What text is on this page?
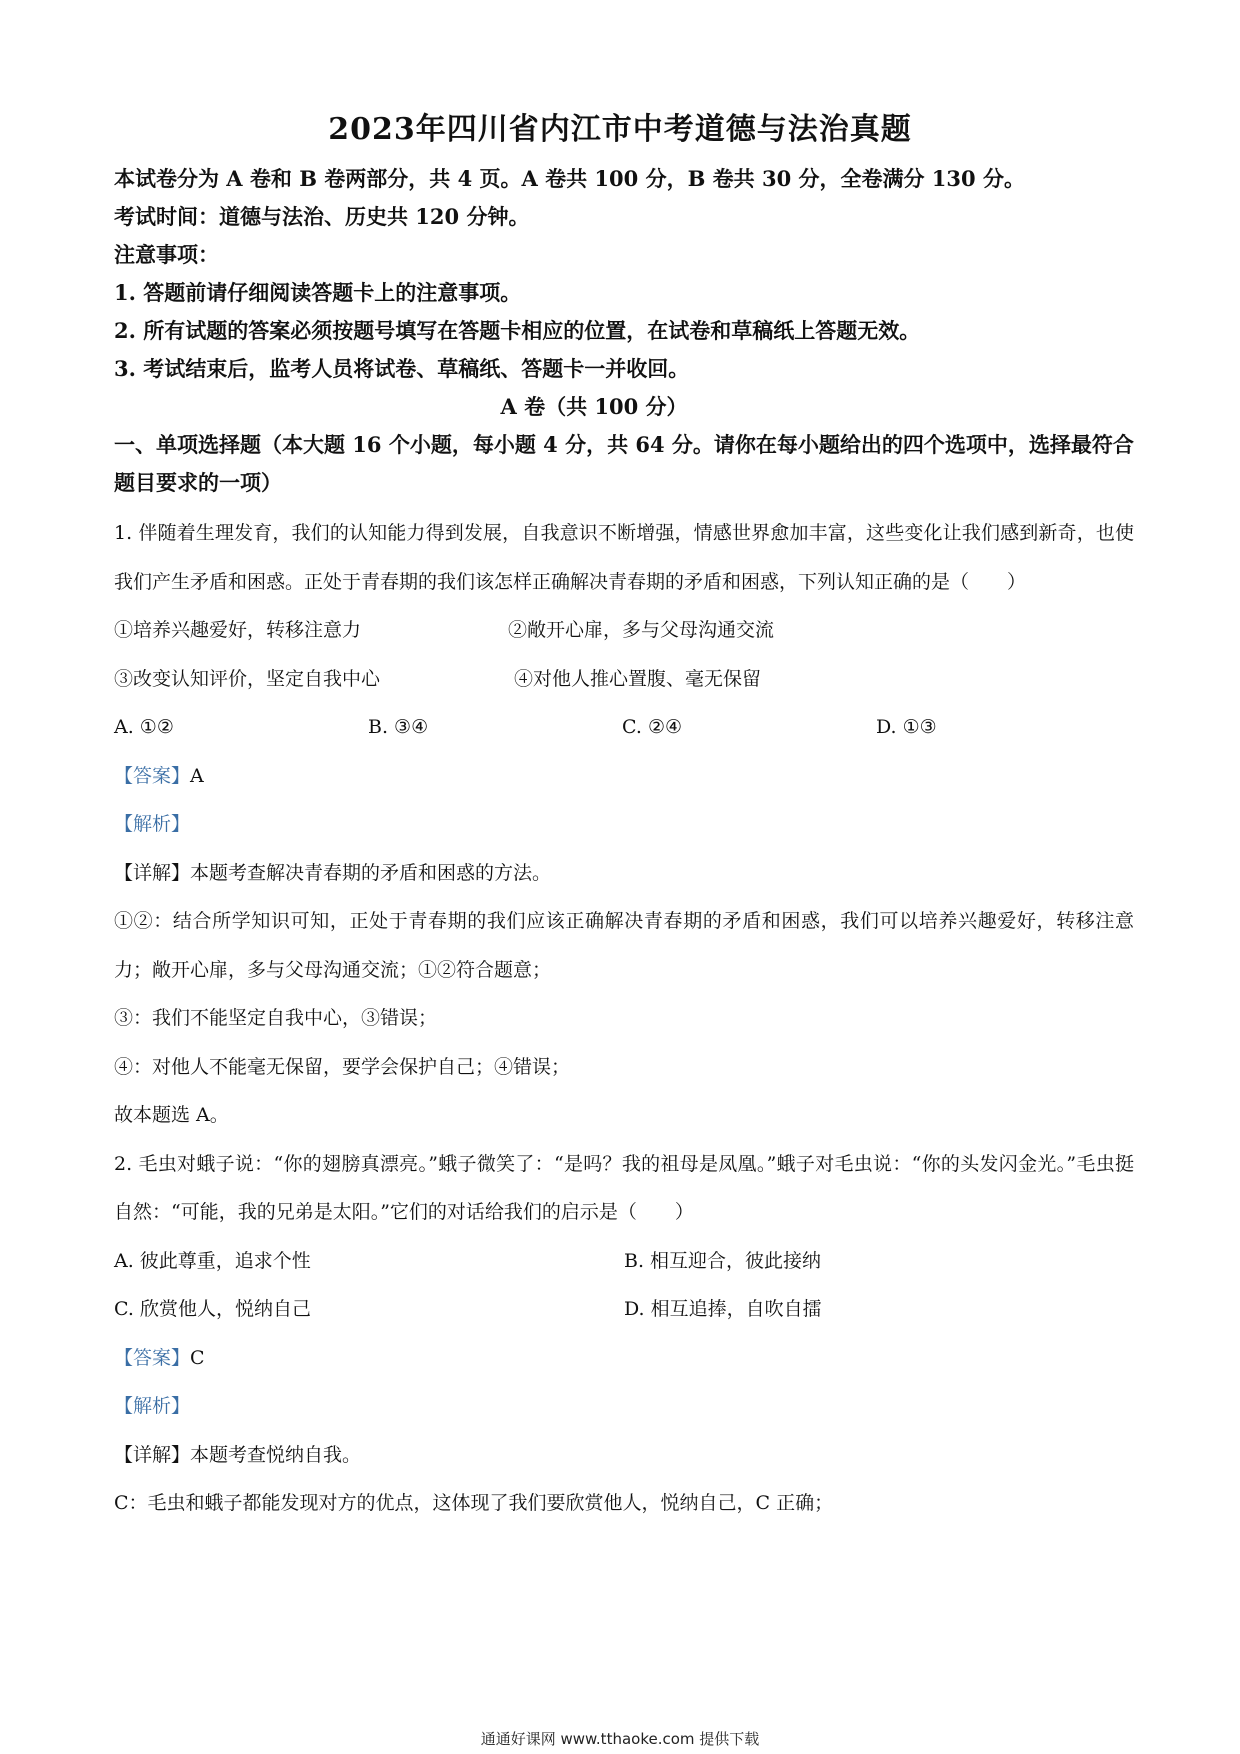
2023年四川省内江市中考道德与法治真题
本试卷分为 A 卷和 B 卷两部分，共 4 页。A 卷共 100 分，B 卷共 30 分，全卷满分 130 分。
考试时间：道德与法治、历史共 120 分钟。
注意事项：
1. 答题前请仔细阅读答题卡上的注意事项。
2. 所有试题的答案必须按题号填写在答题卡相应的位置，在试卷和草稿纸上答题无效。
3. 考试结束后，监考人员将试卷、草稿纸、答题卡一并收回。
A 卷（共 100 分）
一、单项选择题（本大题 16 个小题，每小题 4 分，共 64 分。请你在每小题给出的四个选项中，选择最符合题目要求的一项）
1. 伴随着生理发育，我们的认知能力得到发展，自我意识不断增强，情感世界愈加丰富，这些变化让我们感到新奇，也使我们产生矛盾和困惑。正处于青春期的我们该怎样正确解决青春期的矛盾和困惑，下列认知正确的是（　　）
①培养兴趣爱好，转移注意力	②敞开心扉，多与父母沟通交流
③改变认知评价，坚定自我中心	④对他人推心置腹、毫无保留
A. ①②	B. ③④	C. ②④	D. ①③
【答案】A
【解析】
【详解】本题考查解决青春期的矛盾和困惑的方法。
①②：结合所学知识可知，正处于青春期的我们应该正确解决青春期的矛盾和困惑，我们可以培养兴趣爱好，转移注意力；敞开心扉，多与父母沟通交流；①②符合题意；
③：我们不能坚定自我中心，③错误；
④：对他人不能毫无保留，要学会保护自己；④错误；
故本题选 A。
2. 毛虫对蛾子说：“你的翅膀真漂亮。”蛾子微笑了：“是吗？我的祖母是凤凰。”蛾子对毛虫说：“你的头发闪金光。”毛虫挺自然：“可能，我的兄弟是太阳。”它们的对话给我们的启示是（　　）
A. 彼此尊重，追求个性	B. 相互迎合，彼此接纳
C. 欣赏他人，悦纳自己	D. 相互追捧，自吹自擂
【答案】C
【解析】
【详解】本题考查悦纳自我。
C：毛虫和蛾子都能发现对方的优点，这体现了我们要欣赏他人，悦纳自己，C 正确；
通通好课网 www.tthaoke.com 提供下载
